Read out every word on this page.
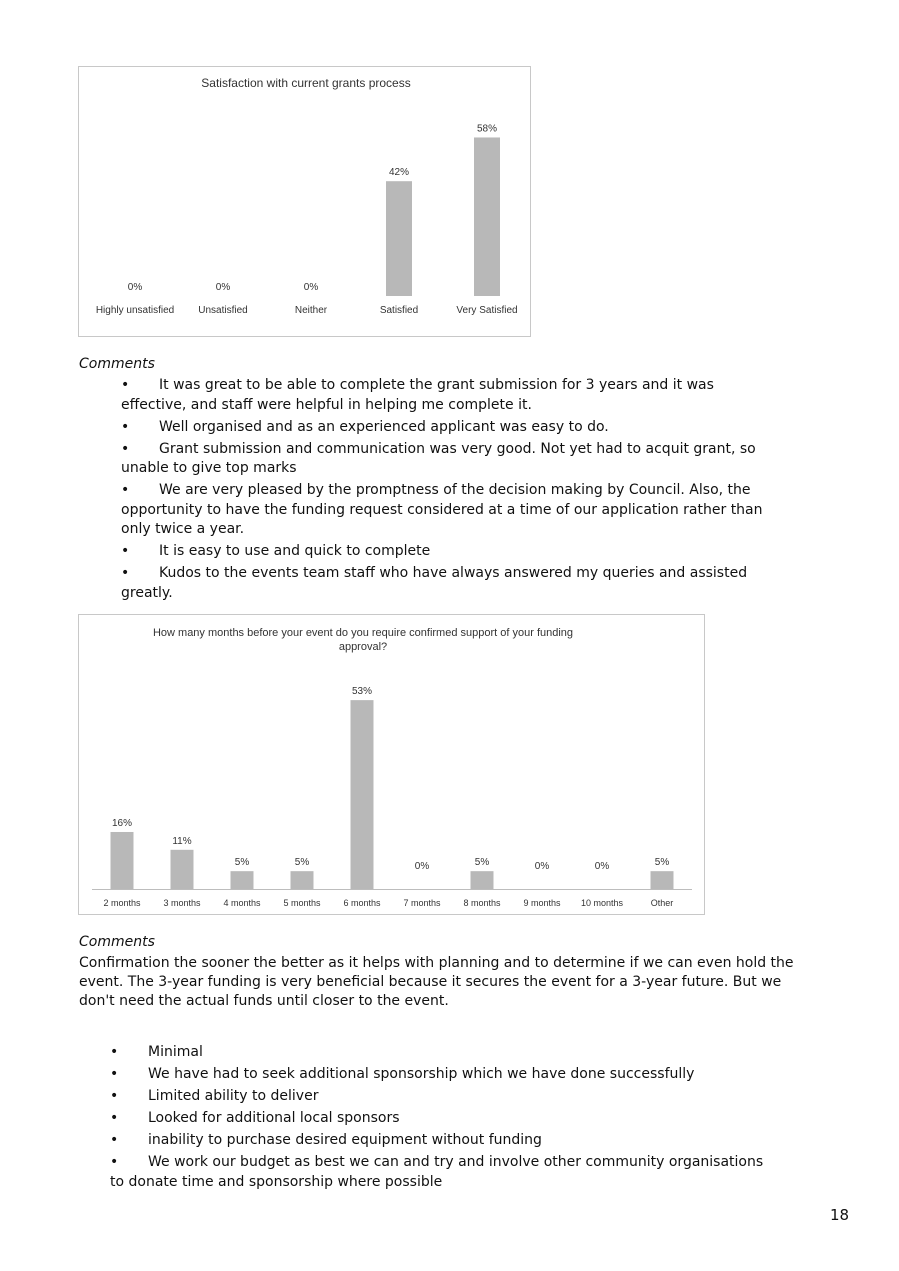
Satisfaction with current grants process
0%
Highly unsatisfied
0%
Unsatisfied
0%
Neither
42%
Satisfied
58%
Very Satisfied
Comments
• It was great to be able to complete the grant submission for 3 years and it was
effective, and staff were helpful in helping me complete it.
• Well organised and as an experienced applicant was easy to do.
• Grant submission and communication was very good. Not yet had to acquit grant, so
unable to give top marks
• We are very pleased by the promptness of the decision making by Council. Also, the
opportunity to have the funding request considered at a time of our application rather than
only twice a year.
• It is easy to use and quick to complete
• Kudos to the events team staff who have always answered my queries and assisted
greatly.
How many months before your event do you require confirmed support of your funding
approval?
16%
2 months
11%
3 months
5%
4 months
5%
5 months
53%
6 months
0%
7 months
5%
8 months
0%
9 months
0%
10 months
5%
Other
Comments
Confirmation the sooner the better as it helps with planning and to determine if we can even hold the
event. The 3-year funding is very beneficial because it secures the event for a 3-year future. But we
don't need the actual funds until closer to the event.
• Minimal
• We have had to seek additional sponsorship which we have done successfully
• Limited ability to deliver
• Looked for additional local sponsors
• inability to purchase desired equipment without funding
• We work our budget as best we can and try and involve other community organisations
to donate time and sponsorship where possible
18
